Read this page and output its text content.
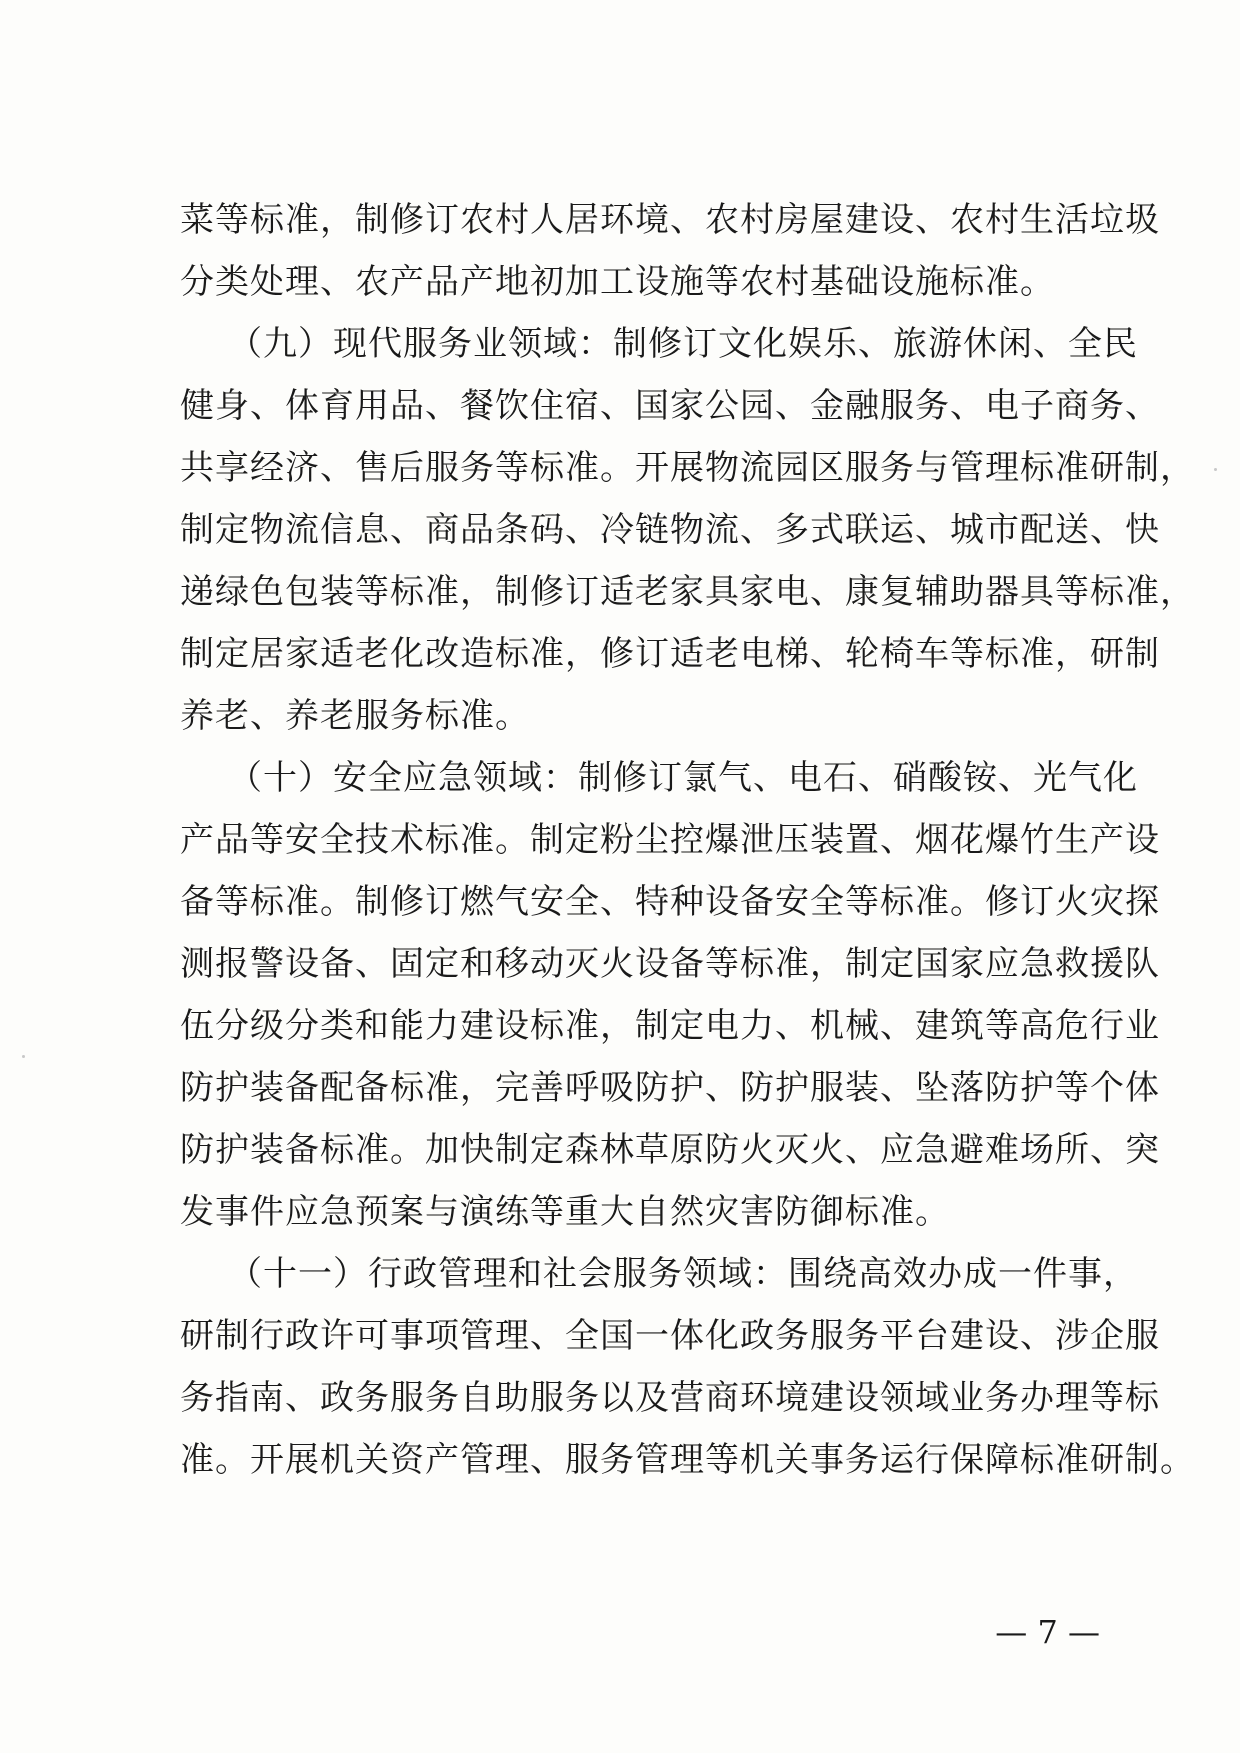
菜等标准，制修订农村人居环境、农村房屋建设、农村生活垃圾
分类处理、农产品产地初加工设施等农村基础设施标准。
（九）现代服务业领域：制修订文化娱乐、旅游休闲、全民
健身、体育用品、餐饮住宿、国家公园、金融服务、电子商务、
共享经济、售后服务等标准。开展物流园区服务与管理标准研制，
制定物流信息、商品条码、冷链物流、多式联运、城市配送、快
递绿色包装等标准，制修订适老家具家电、康复辅助器具等标准，
制定居家适老化改造标准，修订适老电梯、轮椅车等标准，研制
养老、养老服务标准。
（十）安全应急领域：制修订氯气、电石、硝酸铵、光气化
产品等安全技术标准。制定粉尘控爆泄压装置、烟花爆竹生产设
备等标准。制修订燃气安全、特种设备安全等标准。修订火灾探
测报警设备、固定和移动灭火设备等标准，制定国家应急救援队
伍分级分类和能力建设标准，制定电力、机械、建筑等高危行业
防护装备配备标准，完善呼吸防护、防护服装、坠落防护等个体
防护装备标准。加快制定森林草原防火灭火、应急避难场所、突
发事件应急预案与演练等重大自然灾害防御标准。
（十一）行政管理和社会服务领域：围绕高效办成一件事，
研制行政许可事项管理、全国一体化政务服务平台建设、涉企服
务指南、政务服务自助服务以及营商环境建设领域业务办理等标
准。开展机关资产管理、服务管理等机关事务运行保障标准研制。
— 7 —
